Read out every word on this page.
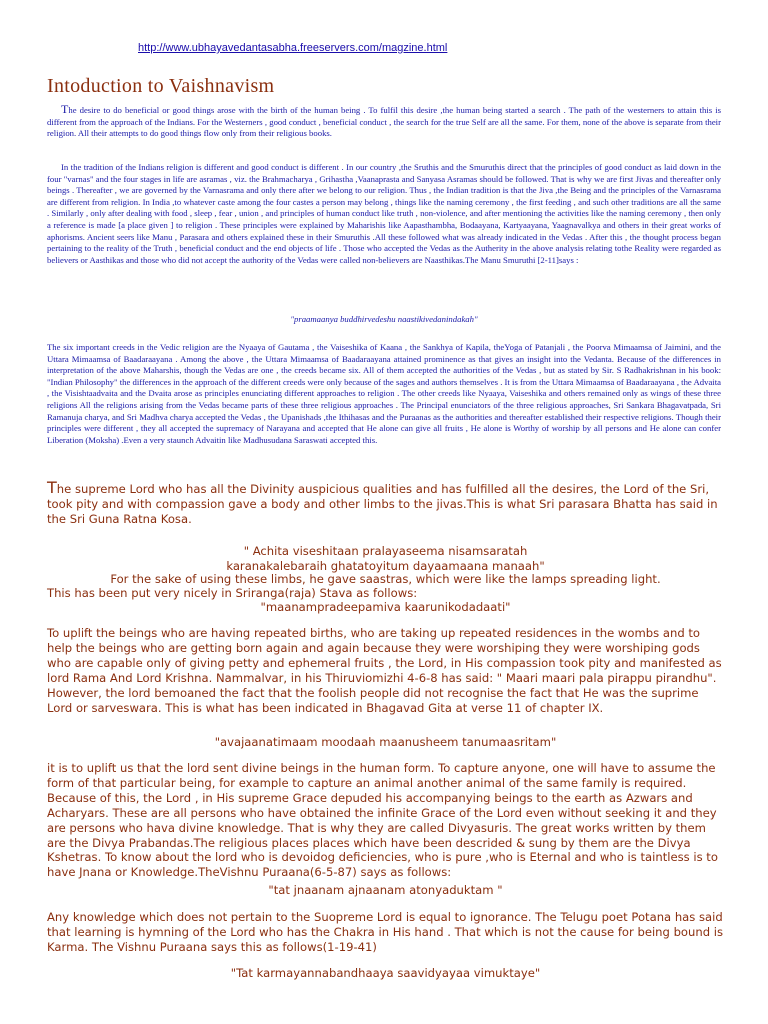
http://www.ubhayavedantasabha.freeservers.com/magzine.html
Intoduction to Vaishnavism

The desire to do beneficial or good things arose with the birth of the human being . To fulfil this desire ,the human being started a search . The path of the westerners to attain this is different from the approach of the Indians. For the Westerners , good conduct , beneficial conduct , the search for the true Self are all the same. For them, none of the above is separate from their religion. All their attempts to do good things flow only from their religious books.

In the tradition of the Indians religion is different and good conduct is different . In our country ,the Sruthis and the Smuruthis direct that the principles of good conduct as laid down in the four "varnas" and the four stages in life are asramas , viz. the Brahmacharya , Grihastha ,Vaanaprasta and Sanyasa Asramas should be followed. That is why we are first Jivas and thereafter only beings . Thereafter , we are governed by the Varnasrama and only there after we belong to our religion. Thus , the Indian tradition is that the Jiva ,the Being and the principles of the Varnasrama are different from religion. In India ,to whatever caste among the four castes a person may belong , things like the naming ceremony , the first feeding , and such other traditions are all the same . Similarly , only after dealing with food , sleep , fear , union , and principles of human conduct like truth , non-violence, and after mentioning the activities like the naming ceremony , then only a reference is made [a place given ] to religion . These principles were explained by Maharishis like Aapasthambha, Bodaayana, Kartyaayana, Yaagnavalkya and others in their great works of aphorisms. Ancient seers like Manu , Parasara and others explained these in their Smuruthis .All these followed what was already indicated in the Vedas . After this , the thought process began pertaining to the reality of the Truth , beneficial conduct and the end objects of life . Those who accepted the Vedas as the Autherity in the above analysis relating tothe Reality were regarded as believers or Aasthikas and those who did not accept the authority of the Vedas were called non-believers are Naasthikas.The Manu Smuruthi [2-11]says :

"praamaanya buddhirvedeshu naastikivedanindakah"

The six important creeds in the Vedic religion are the Nyaaya of Gautama , the Vaiseshika of Kaana , the Sankhya of Kapila, theYoga of Patanjali , the Poorva Mimaamsa of Jaimini, and the Uttara Mimaamsa of Baadaraayana . Among the above , the Uttara Mimaamsa of Baadaraayana attained prominence as that gives an insight into the Vedanta. Because of the differences in interpretation of the above Maharshis, though the Vedas are one , the creeds became six. All of them accepted the authorities of the Vedas , but as stated by Sir. S Radhakrishnan in his book: "Indian Philosophy" the differences in the approach of the different creeds were only because of the sages and authors themselves . It is from the Uttara Mimaamsa of Baadaraayana , the Advaita , the Visishtaadvaita and the Dvaita arose as principles enunciating different approaches to religion . The other creeds like Nyaaya, Vaiseshika and others remained only as wings of these three religions All the religions arising from the Vedas became parts of these three religious approaches . The Principal enunciators of the three religious approaches, Sri Sankara Bhagavatpada, Sri Ramanuja charya, and Sri Madhva charya accepted the Vedas , the Upanishads ,the Ithihasas and the Puraanas as the authorities and thereafter established their respective religions. Though their principles were different , they all accepted the supremacy of Narayana and accepted that He alone can give all fruits , He alone is Worthy of worship by all persons and He alone can confer Liberation (Moksha) .Even a very staunch Advaitin like Madhusudana Saraswati accepted this.

The supreme Lord who has all the Divinity auspicious qualities and has fulfilled all the desires, the Lord of the Sri, took pity and with compassion gave a body and other limbs to the jivas.This is what Sri parasara Bhatta has said in the Sri Guna Ratna Kosa.

" Achita viseshitaan pralayaseema nisamsaratah
karanakalebaraih ghatatoyitum dayaamaana manaah"
For the sake of using these limbs, he gave saastras, which were like the lamps spreading light.
This has been put very nicely in Sriranga(raja) Stava as follows:
"maanampradeepamiva kaarunikodadaati"

To uplift the beings who are having repeated births, who are taking up repeated residences in the wombs and to help the beings who are getting born again and again because they were worshiping they were worshiping gods who are capable only of giving petty and ephemeral fruits , the Lord, in His compassion took pity and manifested as lord Rama And Lord Krishna. Nammalvar, in his Thiruviomizhi 4-6-8 has said: " Maari maari pala pirappu pirandhu". However, the lord bemoaned the fact that the foolish people did not recognise the fact that He was the suprime Lord or sarveswara. This is what has been indicated in Bhagavad Gita at verse 11 of chapter IX.

"avajaanatimaam moodaah maanusheem tanumaasritam"

it is to uplift us that the lord sent divine beings in the human form. To capture anyone, one will have to assume the form of that particular being, for example to capture an animal another animal of the same family is required. Because of this, the Lord , in His supreme Grace depuded his accompanying beings to the earth as Azwars and Acharyars. These are all persons who have obtained the infinite Grace of the Lord even without seeking it and they are persons who hava divine knowledge. That is why they are called Divyasuris. The great works written by them are the Divya Prabandas.The religious places places which have been descrided & sung by them are the Divya Kshetras. To know about the lord who is devoidog deficiencies, who is pure ,who is Eternal and who is taintless is to have Jnana or Knowledge.TheVishnu Puraana(6-5-87) says as follows:

"tat jnaanam ajnaanam atonyaduktam "

Any knowledge which does not pertain to the Suopreme Lord is equal to ignorance. The Telugu poet Potana has said that learning is hymning of the Lord who has the Chakra in His hand . That which is not the cause for being bound is Karma. The Vishnu Puraana says this as follows(1-19-41)

"Tat karmayannabandhaaya saavidyayaa vimuktaye"
